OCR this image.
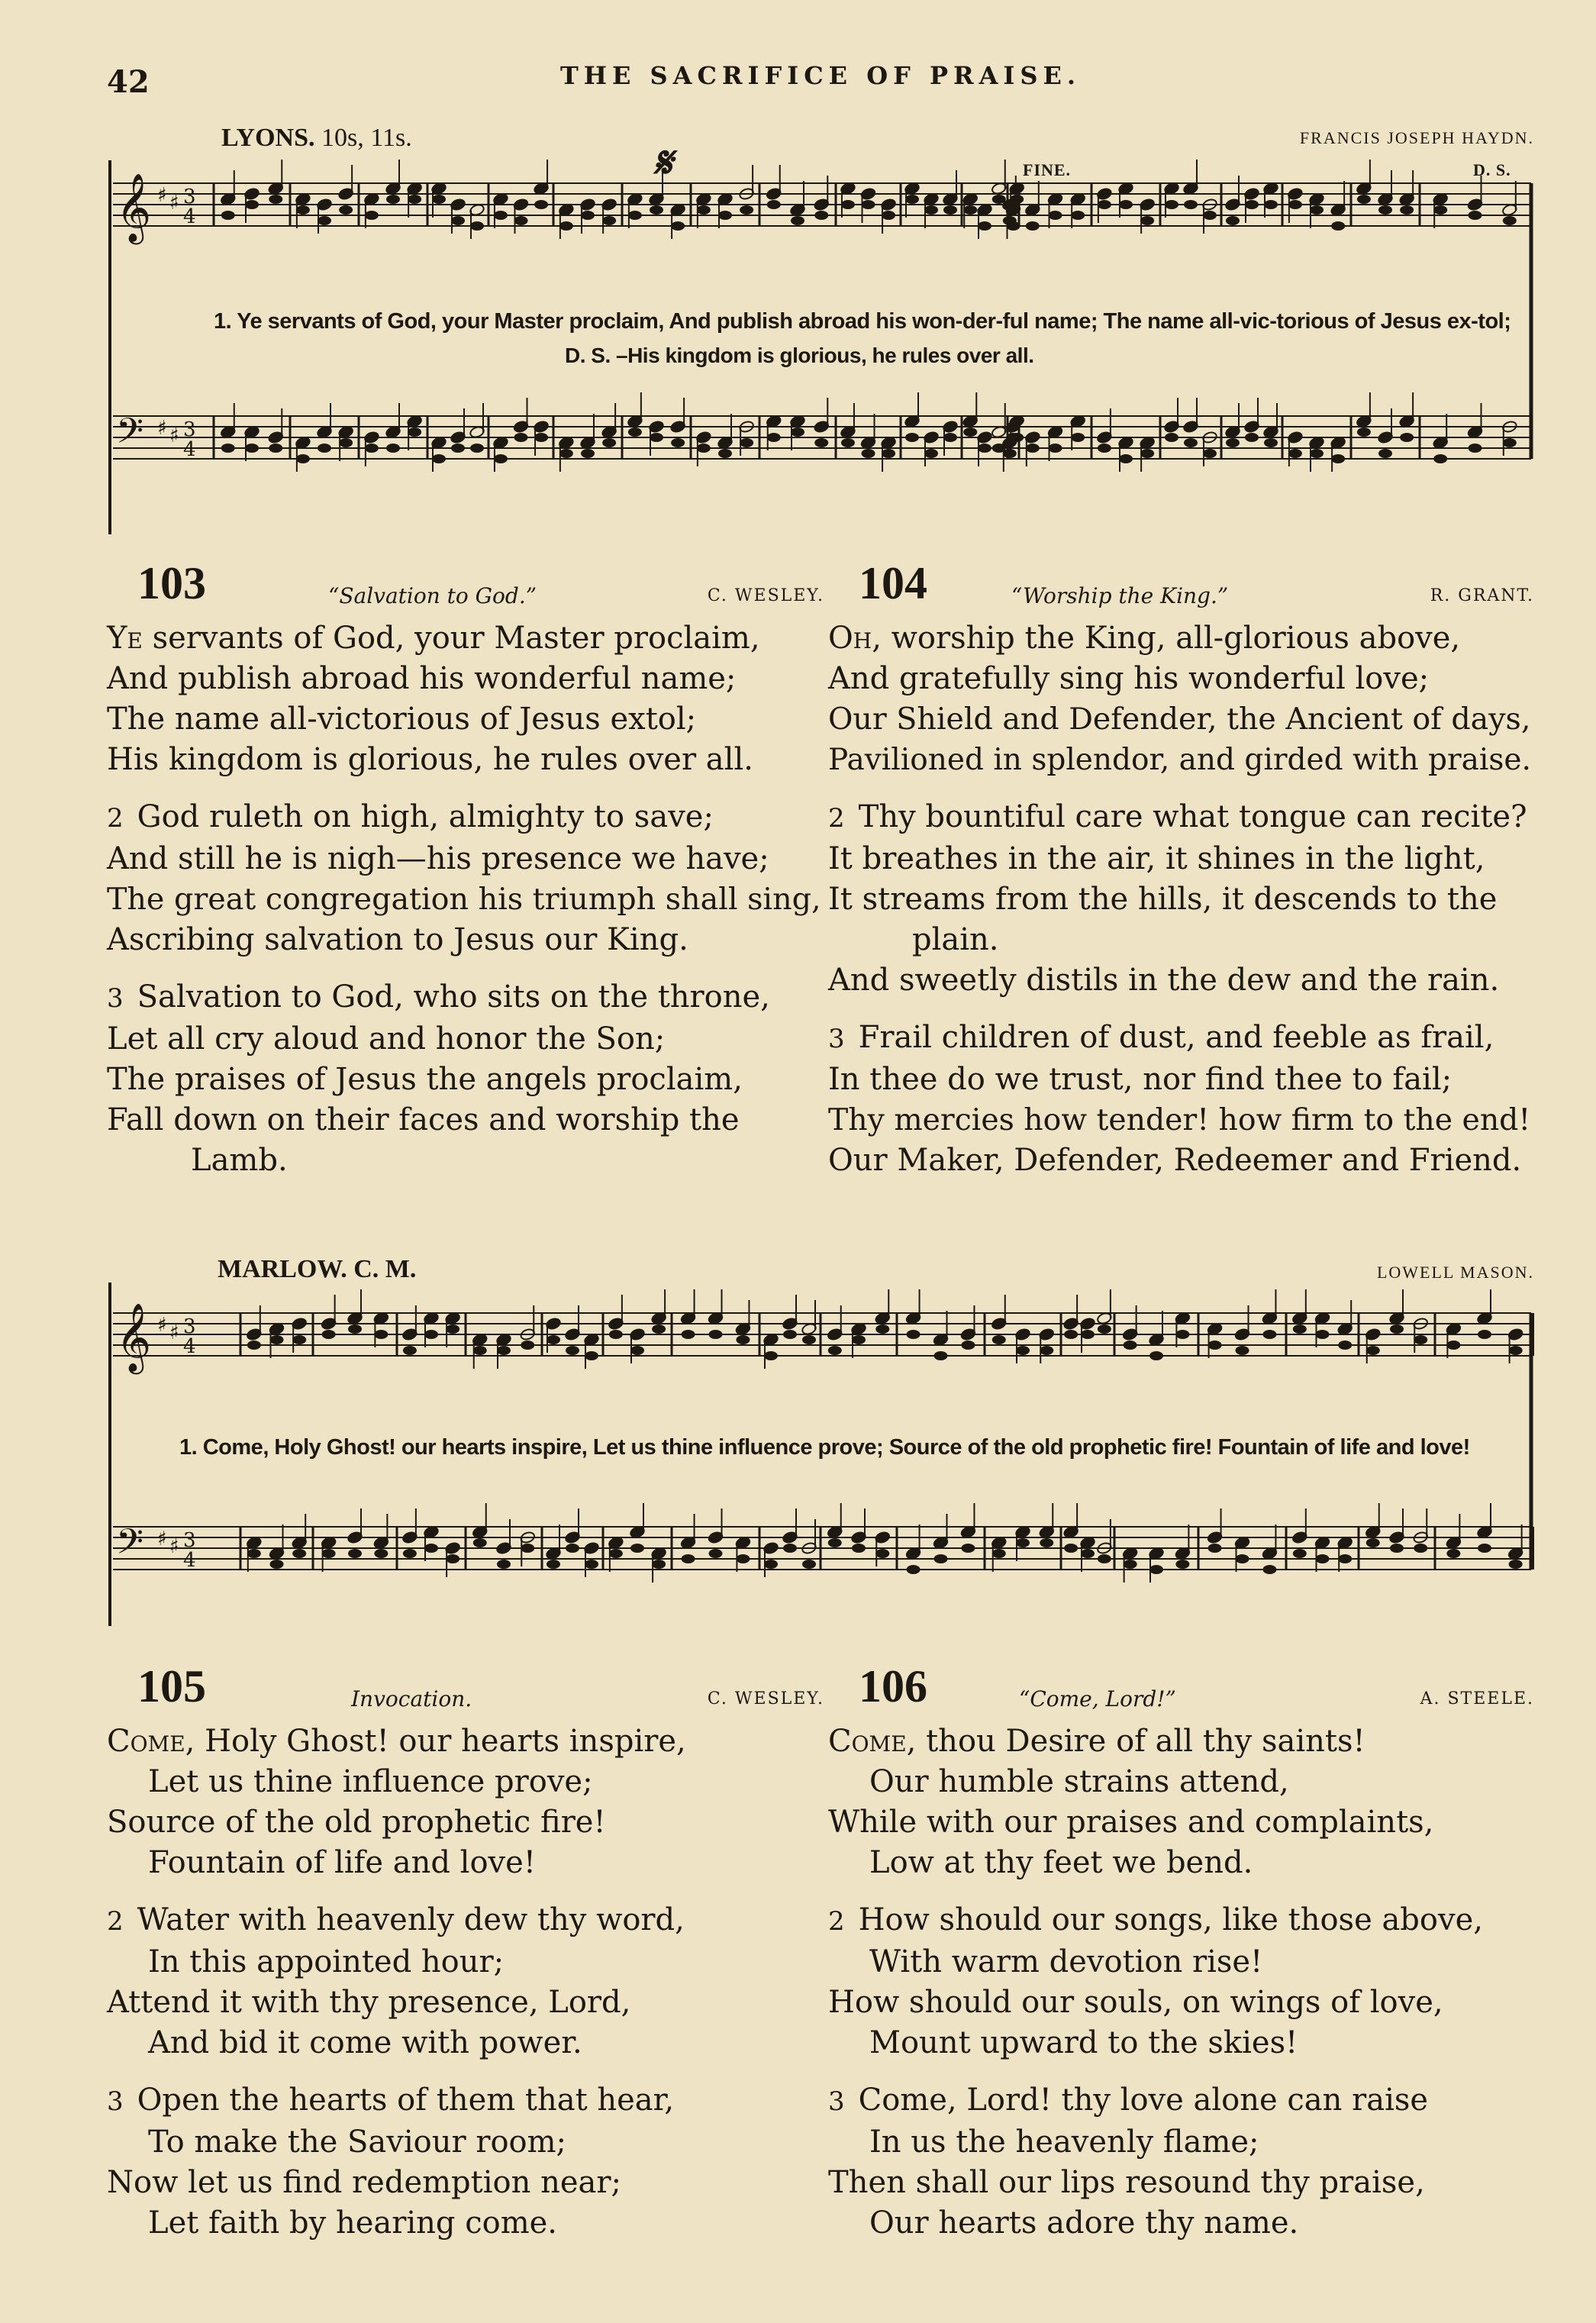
42	THE SACRIFICE OF PRAISE.
𝄞 ♯ ♯ 3
4
𝄢 ♯ ♯ 3
4
LYONS. 10s, 11s.	𝄋	FINE.	D. S.
FRANCIS JOSEPH HAYDN.
1. Ye servants of God, your Master proclaim, And publish abroad his won-der-ful name; The name all-vic-torious of Jesus ex-tol;
D. S. –His kingdom is glorious, he rules over all.
103	“Salvation to God.”	C. WESLEY.
Ye servants of God, your Master proclaim,
And publish abroad his wonderful name;
The name all-victorious of Jesus extol;
His kingdom is glorious, he rules over all.
2 God ruleth on high, almighty to save;
And still he is nigh—his presence we have;
The great congregation his triumph shall sing,
Ascribing salvation to Jesus our King.
3 Salvation to God, who sits on the throne,
Let all cry aloud and honor the Son;
The praises of Jesus the angels proclaim,
Fall down on their faces and worship the
Lamb.
104	“Worship the King.”	R. GRANT.
Oh, worship the King, all-glorious above,
And gratefully sing his wonderful love;
Our Shield and Defender, the Ancient of days,
Pavilioned in splendor, and girded with praise.
2 Thy bountiful care what tongue can recite?
It breathes in the air, it shines in the light,
It streams from the hills, it descends to the
plain.
And sweetly distils in the dew and the rain.
3 Frail children of dust, and feeble as frail,
In thee do we trust, nor find thee to fail;
Thy mercies how tender! how firm to the end!
Our Maker, Defender, Redeemer and Friend.
𝄞 ♯ ♯ 3
4
𝄢 ♯ ♯ 3
4
MARLOW. C. M.	LOWELL MASON.
1. Come, Holy Ghost! our hearts inspire, Let us thine influence prove; Source of the old prophetic fire! Fountain of life and love!
105	Invocation.	C. WESLEY.
Come, Holy Ghost! our hearts inspire,
Let us thine influence prove;
Source of the old prophetic fire!
Fountain of life and love!
2 Water with heavenly dew thy word,
In this appointed hour;
Attend it with thy presence, Lord,
And bid it come with power.
3 Open the hearts of them that hear,
To make the Saviour room;
Now let us find redemption near;
Let faith by hearing come.
106	“Come, Lord!”	A. STEELE.
Come, thou Desire of all thy saints!
Our humble strains attend,
While with our praises and complaints,
Low at thy feet we bend.
2 How should our songs, like those above,
With warm devotion rise!
How should our souls, on wings of love,
Mount upward to the skies!
3 Come, Lord! thy love alone can raise
In us the heavenly flame;
Then shall our lips resound thy praise,
Our hearts adore thy name.
